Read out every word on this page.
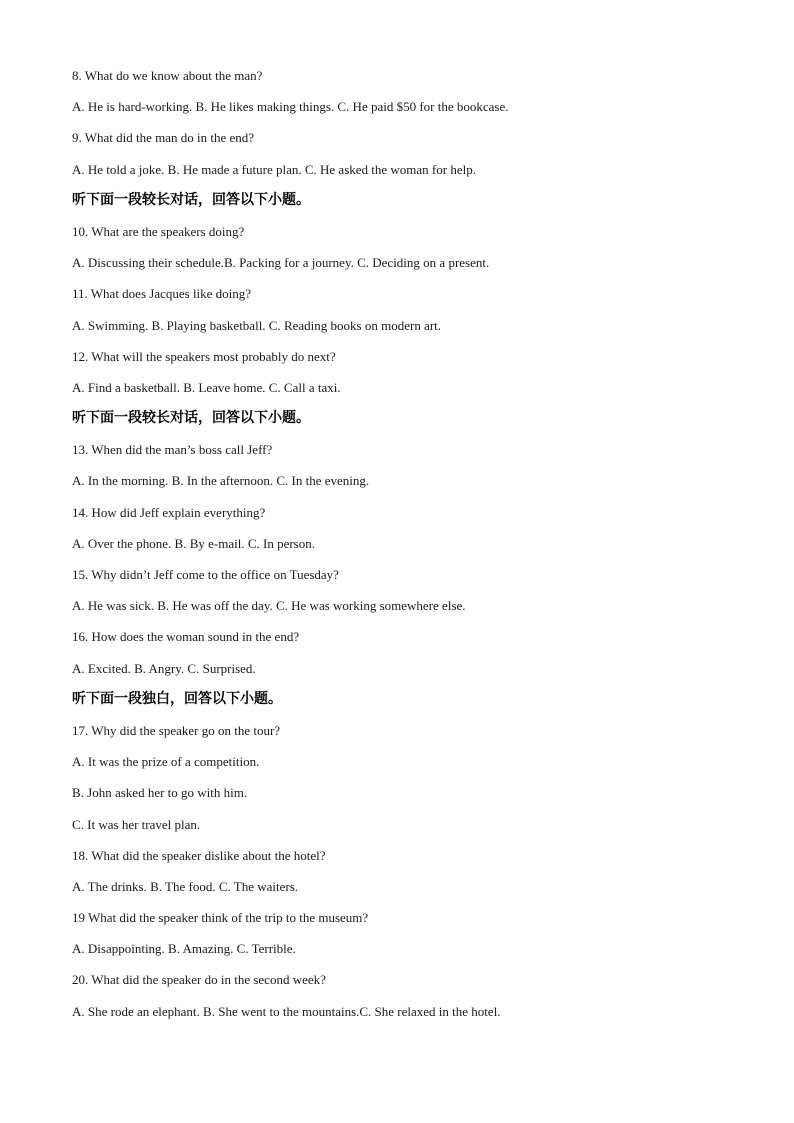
8. What do we know about the man?
A. He is hard-working. B. He likes making things. C. He paid $50 for the bookcase.
9. What did the man do in the end?
A. He told a joke. B. He made a future plan. C. He asked the woman for help.
听下面一段较长对话，回答以下小题。
10. What are the speakers doing?
A. Discussing their schedule.B. Packing for a journey. C. Deciding on a present.
11. What does Jacques like doing?
A. Swimming. B. Playing basketball. C. Reading books on modern art.
12. What will the speakers most probably do next?
A. Find a basketball. B. Leave home. C. Call a taxi.
听下面一段较长对话，回答以下小题。
13. When did the man’s boss call Jeff?
A. In the morning. B. In the afternoon. C. In the evening.
14. How did Jeff explain everything?
A. Over the phone. B. By e-mail. C. In person.
15. Why didn’t Jeff come to the office on Tuesday?
A. He was sick. B. He was off the day. C. He was working somewhere else.
16. How does the woman sound in the end?
A. Excited. B. Angry. C. Surprised.
听下面一段独白，回答以下小题。
17. Why did the speaker go on the tour?
A. It was the prize of a competition.
B. John asked her to go with him.
C. It was her travel plan.
18. What did the speaker dislike about the hotel?
A. The drinks. B. The food. C. The waiters.
19 What did the speaker think of the trip to the museum?
A. Disappointing. B. Amazing. C. Terrible.
20. What did the speaker do in the second week?
A. She rode an elephant. B. She went to the mountains.C. She relaxed in the hotel.
